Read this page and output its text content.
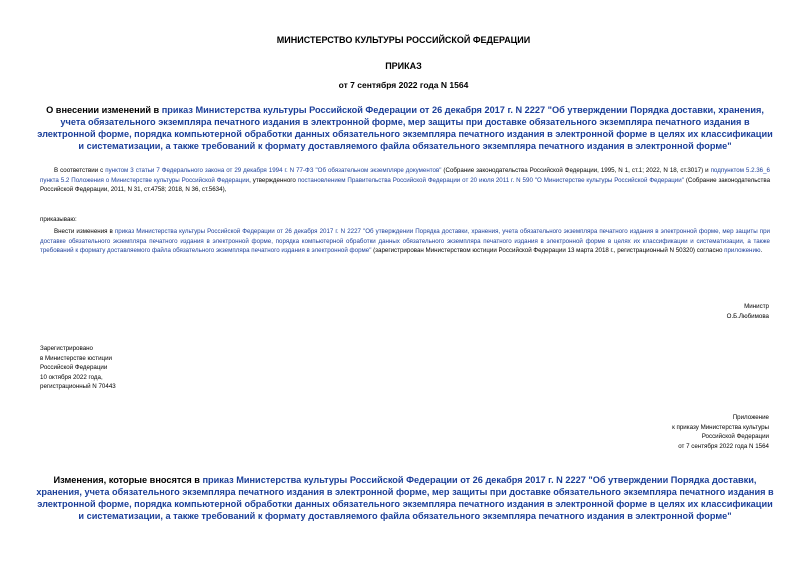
МИНИСТЕРСТВО КУЛЬТУРЫ РОССИЙСКОЙ ФЕДЕРАЦИИ
ПРИКАЗ
от 7 сентября 2022 года N 1564
О внесении изменений в приказ Министерства культуры Российской Федерации от 26 декабря 2017 г. N 2227 "Об утверждении Порядка доставки, хранения, учета обязательного экземпляра печатного издания в электронной форме, мер защиты при доставке обязательного экземпляра печатного издания в электронной форме, порядка компьютерной обработки данных обязательного экземпляра печатного издания в электронной форме в целях их классификации и систематизации, а также требований к формату доставляемого файла обязательного экземпляра печатного издания в электронной форме"
В соответствии с пунктом 3 статьи 7 Федерального закона от 29 декабря 1994 г. N 77-ФЗ "Об обязательном экземпляре документов" (Собрание законодательства Российской Федерации, 1995, N 1, ст.1; 2022, N 18, ст.3017) и подпунктом 5.2.36_6 пункта 5.2 Положения о Министерстве культуры Российской Федерации, утвержденного постановлением Правительства Российской Федерации от 20 июля 2011 г. N 590 "О Министерстве культуры Российской Федерации" (Собрание законодательства Российской Федерации, 2011, N 31, ст.4758; 2018, N 36, ст.5634),
приказываю:
Внести изменения в приказ Министерства культуры Российской Федерации от 26 декабря 2017 г. N 2227 "Об утверждении Порядка доставки, хранения, учета обязательного экземпляра печатного издания в электронной форме, мер защиты при доставке обязательного экземпляра печатного издания в электронной форме, порядка компьютерной обработки данных обязательного экземпляра печатного издания в электронной форме в целях их классификации и систематизации, а также требований к формату доставляемого файла обязательного экземпляра печатного издания в электронной форме" (зарегистрирован Министерством юстиции Российской Федерации 13 марта 2018 г., регистрационный N 50320) согласно приложению.
Министр
О.Б.Любимова
Зарегистрировано
в Министерстве юстиции
Российской Федерации
10 октября 2022 года,
регистрационный N 70443
Приложение
к приказу Министерства культуры
Российской Федерации
от 7 сентября 2022 года N 1564
Изменения, которые вносятся в приказ Министерства культуры Российской Федерации от 26 декабря 2017 г. N 2227 "Об утверждении Порядка доставки, хранения, учета обязательного экземпляра печатного издания в электронной форме, мер защиты при доставке обязательного экземпляра печатного издания в электронной форме, порядка компьютерной обработки данных обязательного экземпляра печатного издания в электронной форме в целях их классификации и систематизации, а также требований к формату доставляемого файла обязательного экземпляра печатного издания в электронной форме"
